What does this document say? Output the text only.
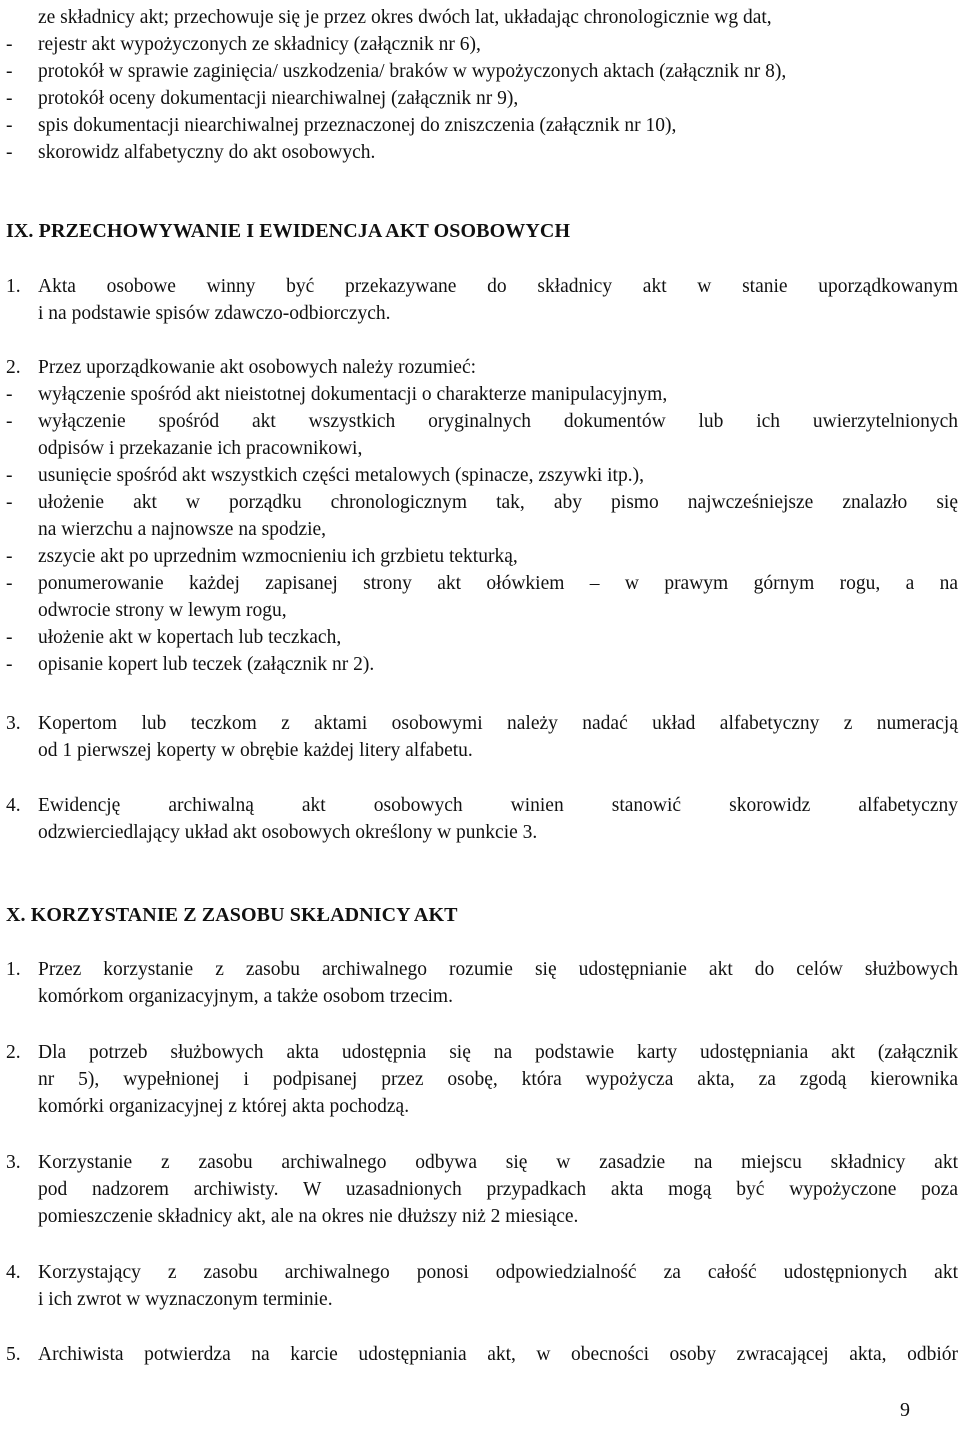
ze składnicy akt; przechowuje się je przez okres dwóch lat, układając chronologicznie wg dat,
- rejestr akt wypożyczonych ze składnicy (załącznik nr 6),
- protokół w sprawie zaginięcia/ uszkodzenia/ braków w wypożyczonych aktach (załącznik nr 8),
- protokół oceny dokumentacji niearchiwalnej (załącznik nr 9),
- spis dokumentacji niearchiwalnej przeznaczonej do zniszczenia (załącznik nr 10),
- skorowidz alfabetyczny do akt osobowych.
IX. PRZECHOWYWANIE I EWIDENCJA AKT OSOBOWYCH
1. Akta osobowe winny być przekazywane do składnicy akt w stanie uporządkowanym
i na podstawie spisów zdawczo-odbiorczych.
2. Przez uporządkowanie akt osobowych należy rozumieć:
- wyłączenie spośród akt nieistotnej dokumentacji o charakterze manipulacyjnym,
- wyłączenie spośród akt wszystkich oryginalnych dokumentów lub ich uwierzytelnionych
odpisów i przekazanie ich pracownikowi,
- usunięcie spośród akt wszystkich części metalowych (spinacze, zszywki itp.),
- ułożenie akt w porządku chronologicznym tak, aby pismo najwcześniejsze znalazło się
na wierzchu a najnowsze na spodzie,
- zszycie akt po uprzednim wzmocnieniu ich grzbietu tekturką,
- ponumerowanie każdej zapisanej strony akt ołówkiem – w prawym górnym rogu, a na
odwrocie strony w lewym rogu,
- ułożenie akt w kopertach lub teczkach,
- opisanie kopert lub teczek (załącznik nr 2).
3. Kopertom lub teczkom z aktami osobowymi należy nadać układ alfabetyczny z numeracją
od 1 pierwszej koperty w obrębie każdej litery alfabetu.
4. Ewidencję archiwalną akt osobowych winien stanowić skorowidz alfabetyczny
odzwierciedlający układ akt osobowych określony w punkcie 3.
X. KORZYSTANIE Z ZASOBU SKŁADNICY AKT
1. Przez korzystanie z zasobu archiwalnego rozumie się udostępnianie akt do celów służbowych
komórkom organizacyjnym, a także osobom trzecim.
2. Dla potrzeb służbowych akta udostępnia się na podstawie karty udostępniania akt (załącznik
nr 5), wypełnionej i podpisanej przez osobę, która wypożycza akta, za zgodą kierownika
komórki organizacyjnej z której akta pochodzą.
3. Korzystanie z zasobu archiwalnego odbywa się w zasadzie na miejscu składnicy akt
pod nadzorem archiwisty. W uzasadnionych przypadkach akta mogą być wypożyczone poza
pomieszczenie składnicy akt, ale na okres nie dłuższy niż 2 miesiące.
4. Korzystający z zasobu archiwalnego ponosi odpowiedzialność za całość udostępnionych akt
i ich zwrot w wyznaczonym terminie.
5. Archiwista potwierdza na karcie udostępniania akt, w obecności osoby zwracającej akta, odbiór
9
